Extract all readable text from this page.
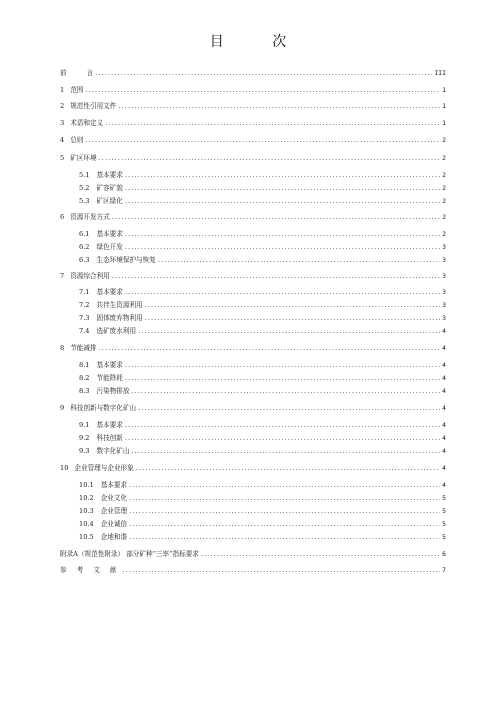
目 次
前	言 .....	III
1 范围 .....	1
2 规范性引用文件 .....	1
3 术语和定义 .....	1
4 总则 .....	2
5 矿区环境 .....	2
5.1 基本要求 .....	2
5.2 矿容矿貌 .....	2
5.3 矿区绿化 .....	2
6 资源开发方式 .....	2
6.1 基本要求 .....	2
6.2 绿色开发 .....	3
6.3 生态环境保护与恢复 .....	3
7 资源综合利用 .....	3
7.1 基本要求 .....	3
7.2 共伴生资源利用 .....	3
7.3 固体废弃物利用 .....	3
7.4 选矿废水利用 .....	4
8 节能减排 .....	4
8.1 基本要求 .....	4
8.2 节能降耗 .....	4
8.3 污染物排放 .....	4
9 科技创新与数字化矿山 .....	4
9.1 基本要求 .....	4
9.2 科技创新 .....	4
9.3 数字化矿山 .....	4
10 企业管理与企业形象 .....	4
10.1 基本要求 .....	4
10.2 企业文化 .....	5
10.3 企业管理 .....	5
10.4 企业诚信 .....	5
10.5 企地和谐 .....	5
附录A （规范性附录） 部分矿种“三率”指标要求 .....	6
参 考 文 献 .....	7
